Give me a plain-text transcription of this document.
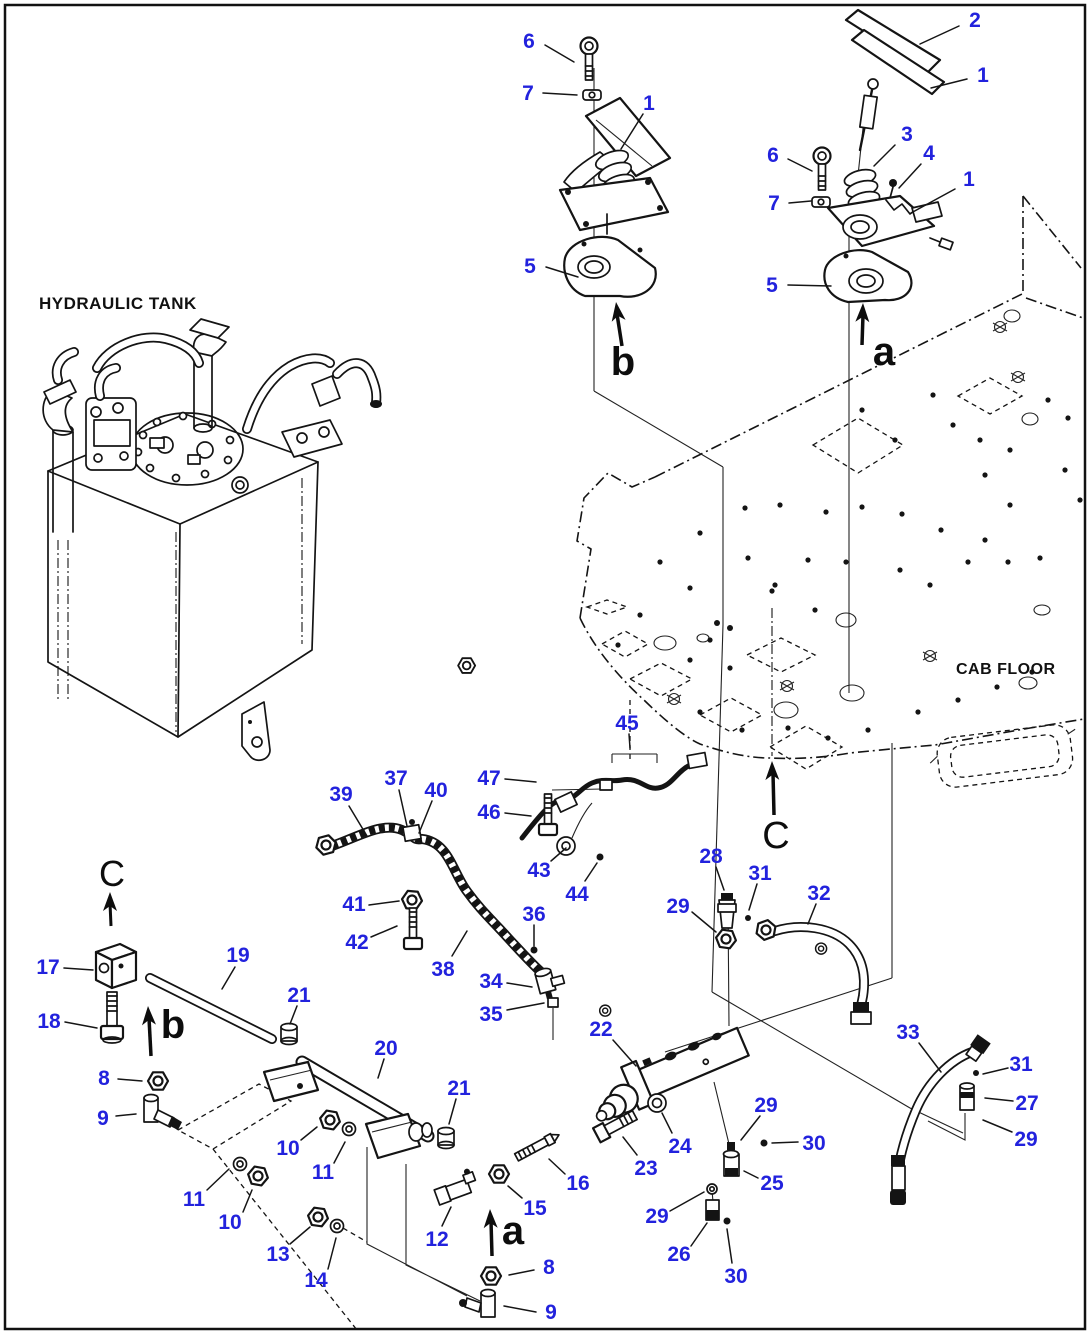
HYDRAULIC TANK
CAB FLOOR
6
7	1
5
2
1
6
3
4
1
7
5
45
47
46
39
37
40
41
42
43
44
38
36
34
35
28
31
32
29
22	33
31
27
29
29
30
25
24
23
16
15
12
29
26
30
17
18
19
21
20
21
8
9
10
11
11
10
13
14
8
9
b	a
C
b
a
C
